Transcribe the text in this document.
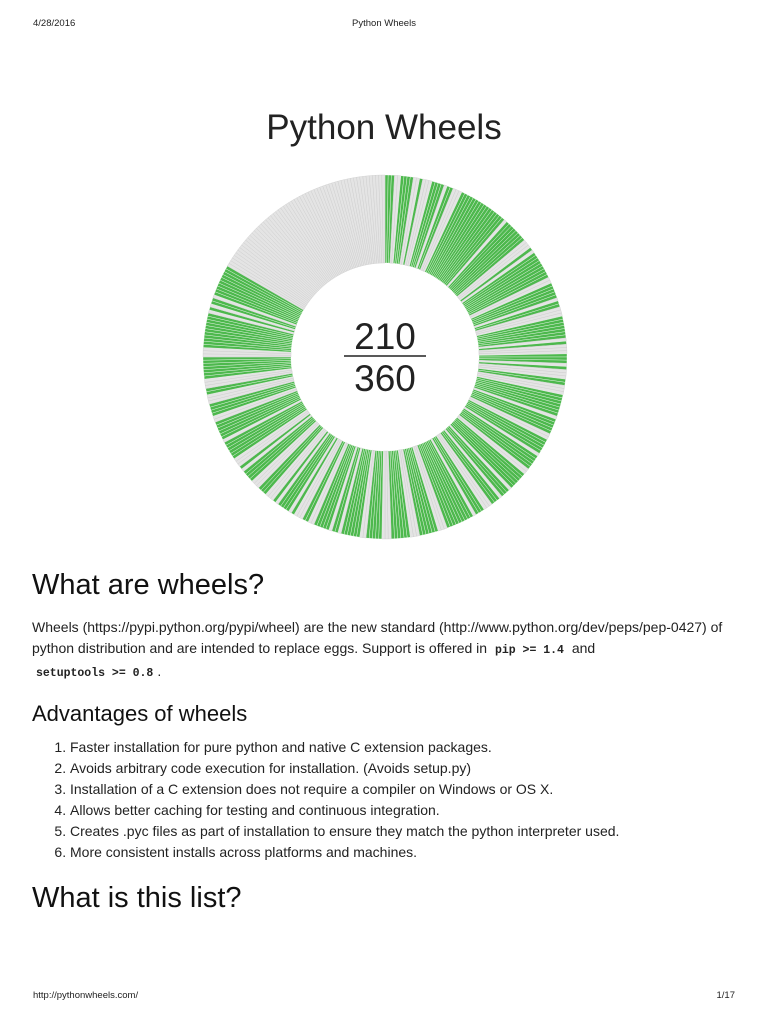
4/28/2016	Python Wheels
Python Wheels
210
360
What are wheels?

Wheels (https://pypi.python.org/pypi/wheel) are the new standard (http://www.python.org/dev/peps/pep-0427) of python distribution and are intended to replace eggs. Support is offered in pip >= 1.4 and
setuptools >= 0.8 .

Advantages of wheels
1. Faster installation for pure python and native C extension packages.
2. Avoids arbitrary code execution for installation. (Avoids setup.py)
3. Installation of a C extension does not require a compiler on Windows or OS X.
4. Allows better caching for testing and continuous integration.
5. Creates .pyc files as part of installation to ensure they match the python interpreter used.
6. More consistent installs across platforms and machines.
What is this list?
http://pythonwheels.com/	1/17
